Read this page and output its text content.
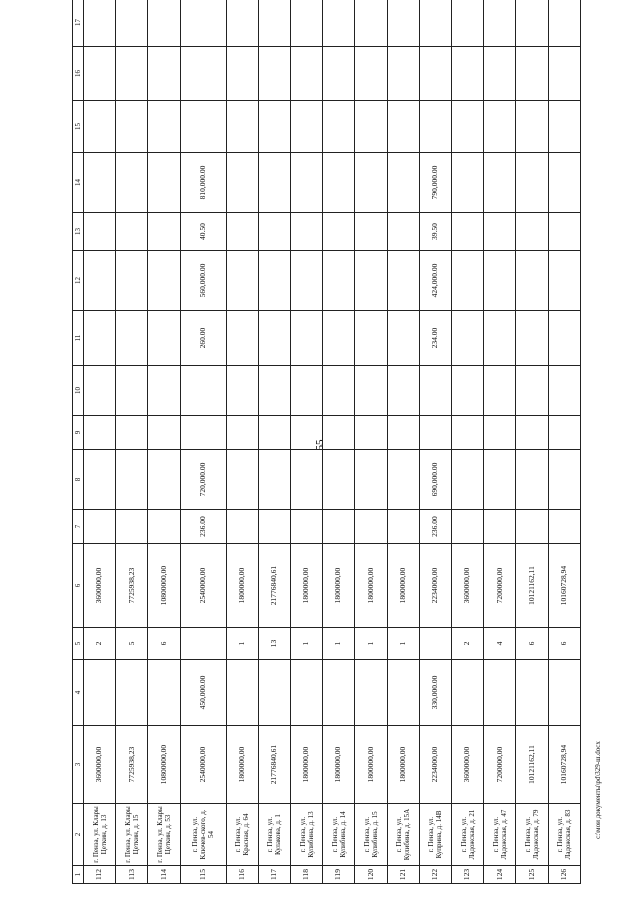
55
1	2	3	4	5	6	7	8	9	10	11	12	13	14	15	16	17	
112	г. Пенза, ул. Клары Цеткин, д. 13	3600000,00		2	3600000,00												
113	г. Пенза, ул. Клары Цеткин, д. 15	7725938,23		5	7725938,23												
114	г. Пенза, ул. Клары Цеткин, д. 53	10800000,00		6	10800000,00												
115	г. Пенза, ул. Ключев-ского, д. 54	2540000,00	450,000.00		2540000,00	236.00	720,000.00			260.00	560,000.00	40.50	810,000.00				
116	г. Пенза, ул. Красная, д. 64	1800000,00		1	1800000,00												
117	г. Пенза, ул. Кулакова, д. 1	21776840,61		13	21776840,61												
118	г. Пенза, ул. Кулибина, д. 13	1800000,00		1	1800000,00												
119	г. Пенза, ул. Кулибина, д. 14	1800000,00		1	1800000,00												
120	г. Пенза, ул. Кулибина, д. 15	1800000,00		1	1800000,00												
121	г. Пенза, ул. Кулибина, д. 15А	1800000,00		1	1800000,00												
122	г. Пенза, ул. Куприна, д. 14В	2234000,00	330,000.00		2234000,00	236.00	690,000.00			234.00	424,000.00	39.50	790,000.00				
123	г. Пенза, ул. Ладожская, д. 21	3600000,00		2	3600000,00												
124	г. Пенза, ул. Ладожская, д. 47	7200000,00		4	7200000,00												
125	г. Пенза, ул. Ладожская, д. 79	10121162,11		6	10121162,11												
126	г. Пенза, ул. Ладожская, д. 83	10160728,94		6	10160728,94												
c:\мои документы\pd\329-ш.docx
